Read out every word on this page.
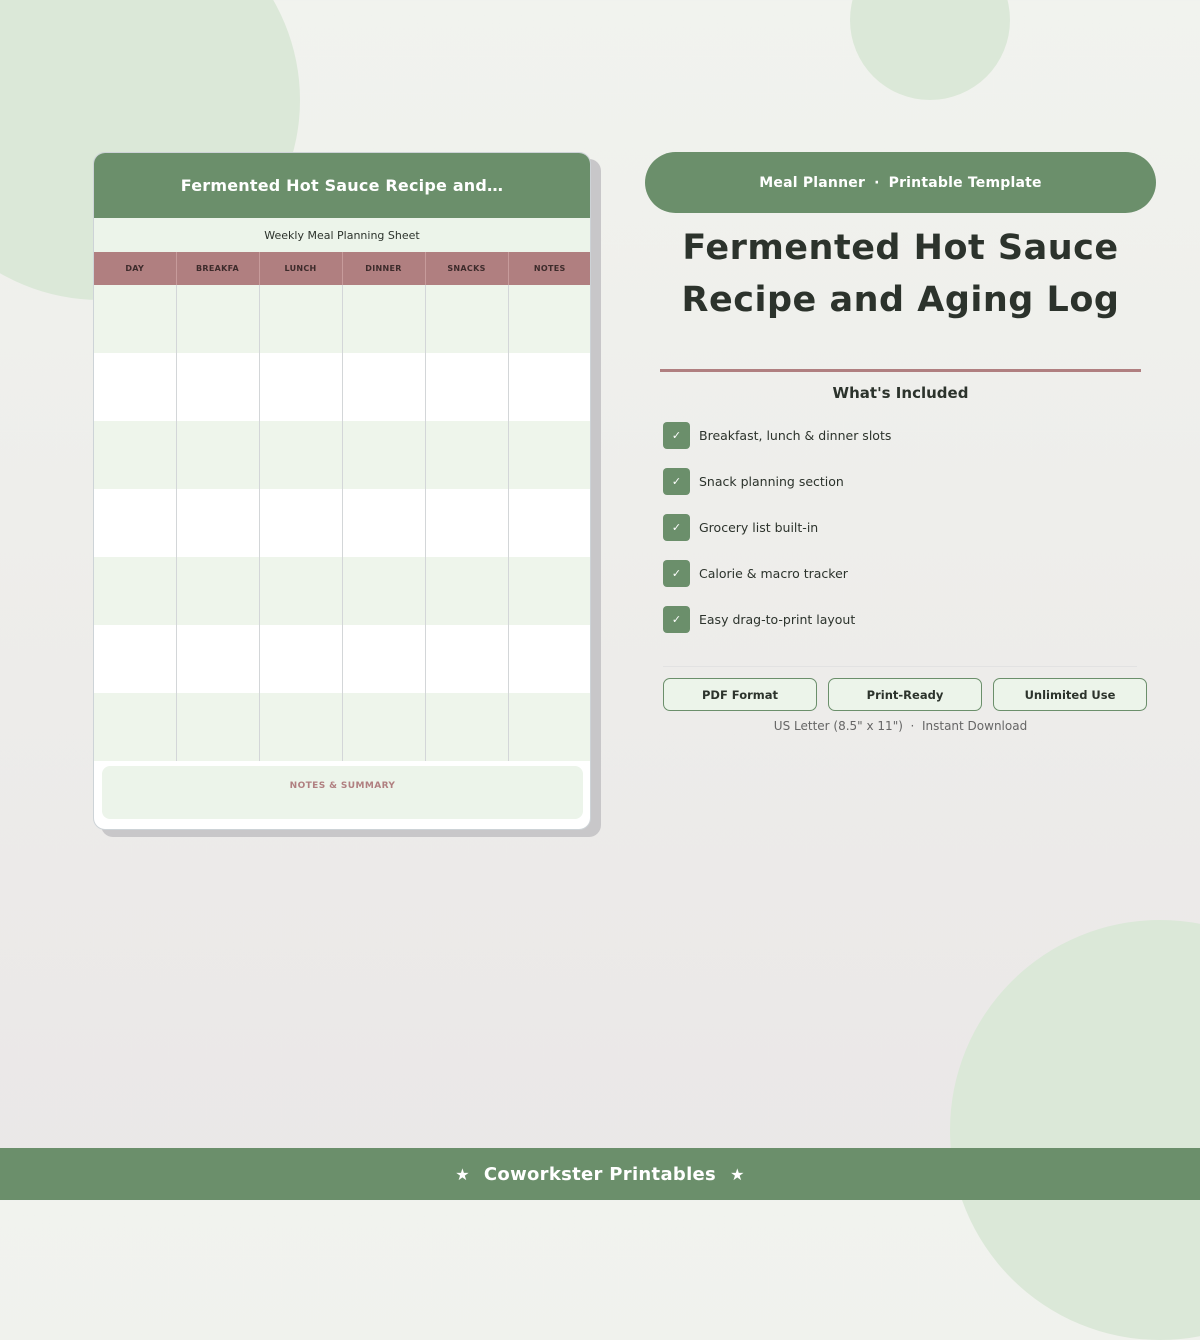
Fermented Hot Sauce Recipe and…
Weekly Meal Planning Sheet
DAY	BREAKFA	LUNCH	DINNER	SNACKS	NOTES

NOTES & SUMMARY
Meal Planner · Printable Template
Fermented Hot Sauce
Recipe and Aging Log
What's Included
✓	Breakfast, lunch & dinner slots
✓	Snack planning section
✓	Grocery list built-in
✓	Calorie & macro tracker
✓	Easy drag-to-print layout
PDF Format	Print-Ready	Unlimited Use
US Letter (8.5" x 11")  ·  Instant Download
★ Coworkster Printables ★
